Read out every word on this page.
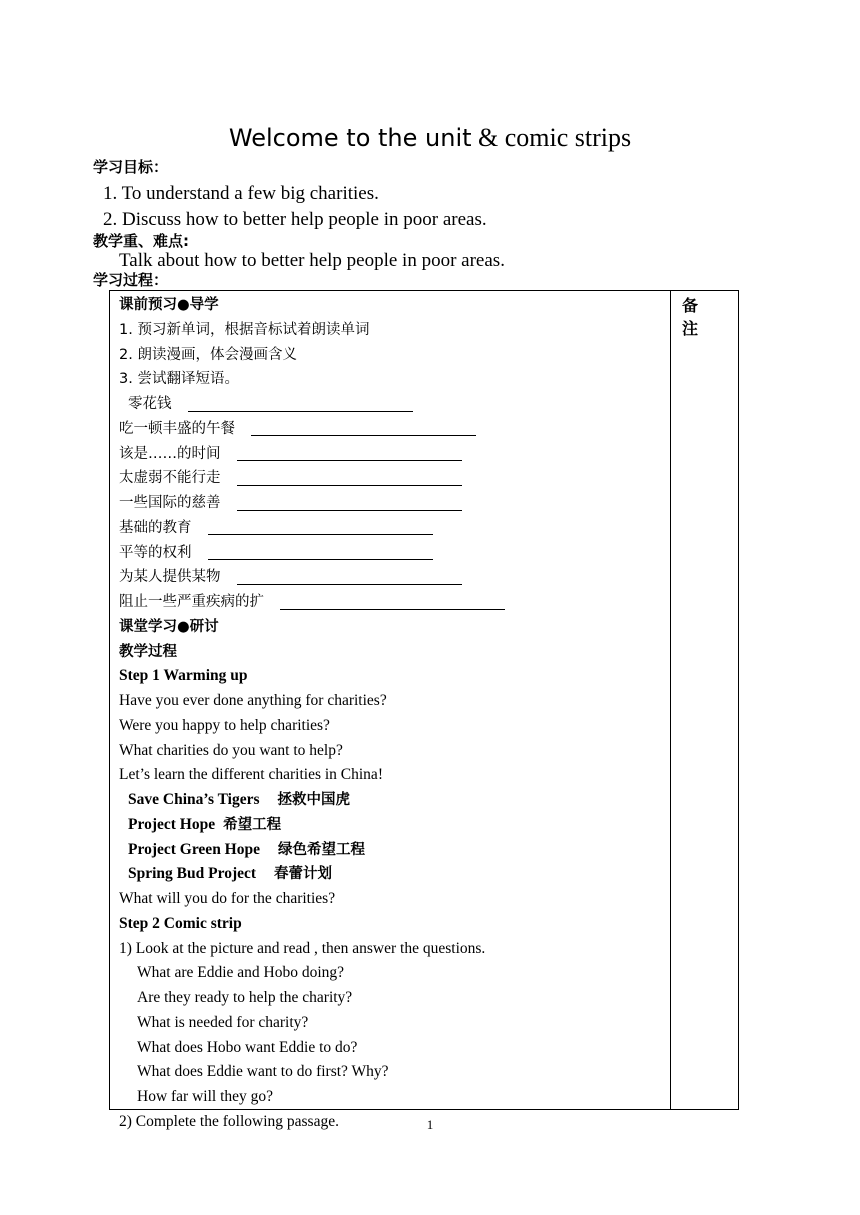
Welcome to the unit & comic strips
学习目标：
1. To understand a few big charities.
2. Discuss how to better help people in poor areas.
教学重、难点:
Talk about how to better help people in poor areas.
学习过程：
备注
课前预习●导学
1. 预习新单词，根据音标试着朗读单词
2. 朗读漫画，体会漫画含义
3. 尝试翻译短语。
零花钱
吃一顿丰盛的午餐
该是……的时间
太虚弱不能行走
一些国际的慈善
基础的教育
平等的权利
为某人提供某物
阻止一些严重疾病的扩
课堂学习●研讨
教学过程
Step 1 Warming up
Have you ever done anything for charities?
Were you happy to help charities?
What charities do you want to help?
Let’s learn the different charities in China!
Save China’s Tigers 拯救中国虎
Project Hope 希望工程
Project Green Hope 绿色希望工程
Spring Bud Project 春蕾计划
What will you do for the charities?
Step 2 Comic strip
1) Look at the picture and read , then answer the questions.
What are Eddie and Hobo doing?
Are they ready to help the charity?
What is needed for charity?
What does Hobo want Eddie to do?
What does Eddie want to do first? Why?
How far will they go?
2) Complete the following passage.	1
